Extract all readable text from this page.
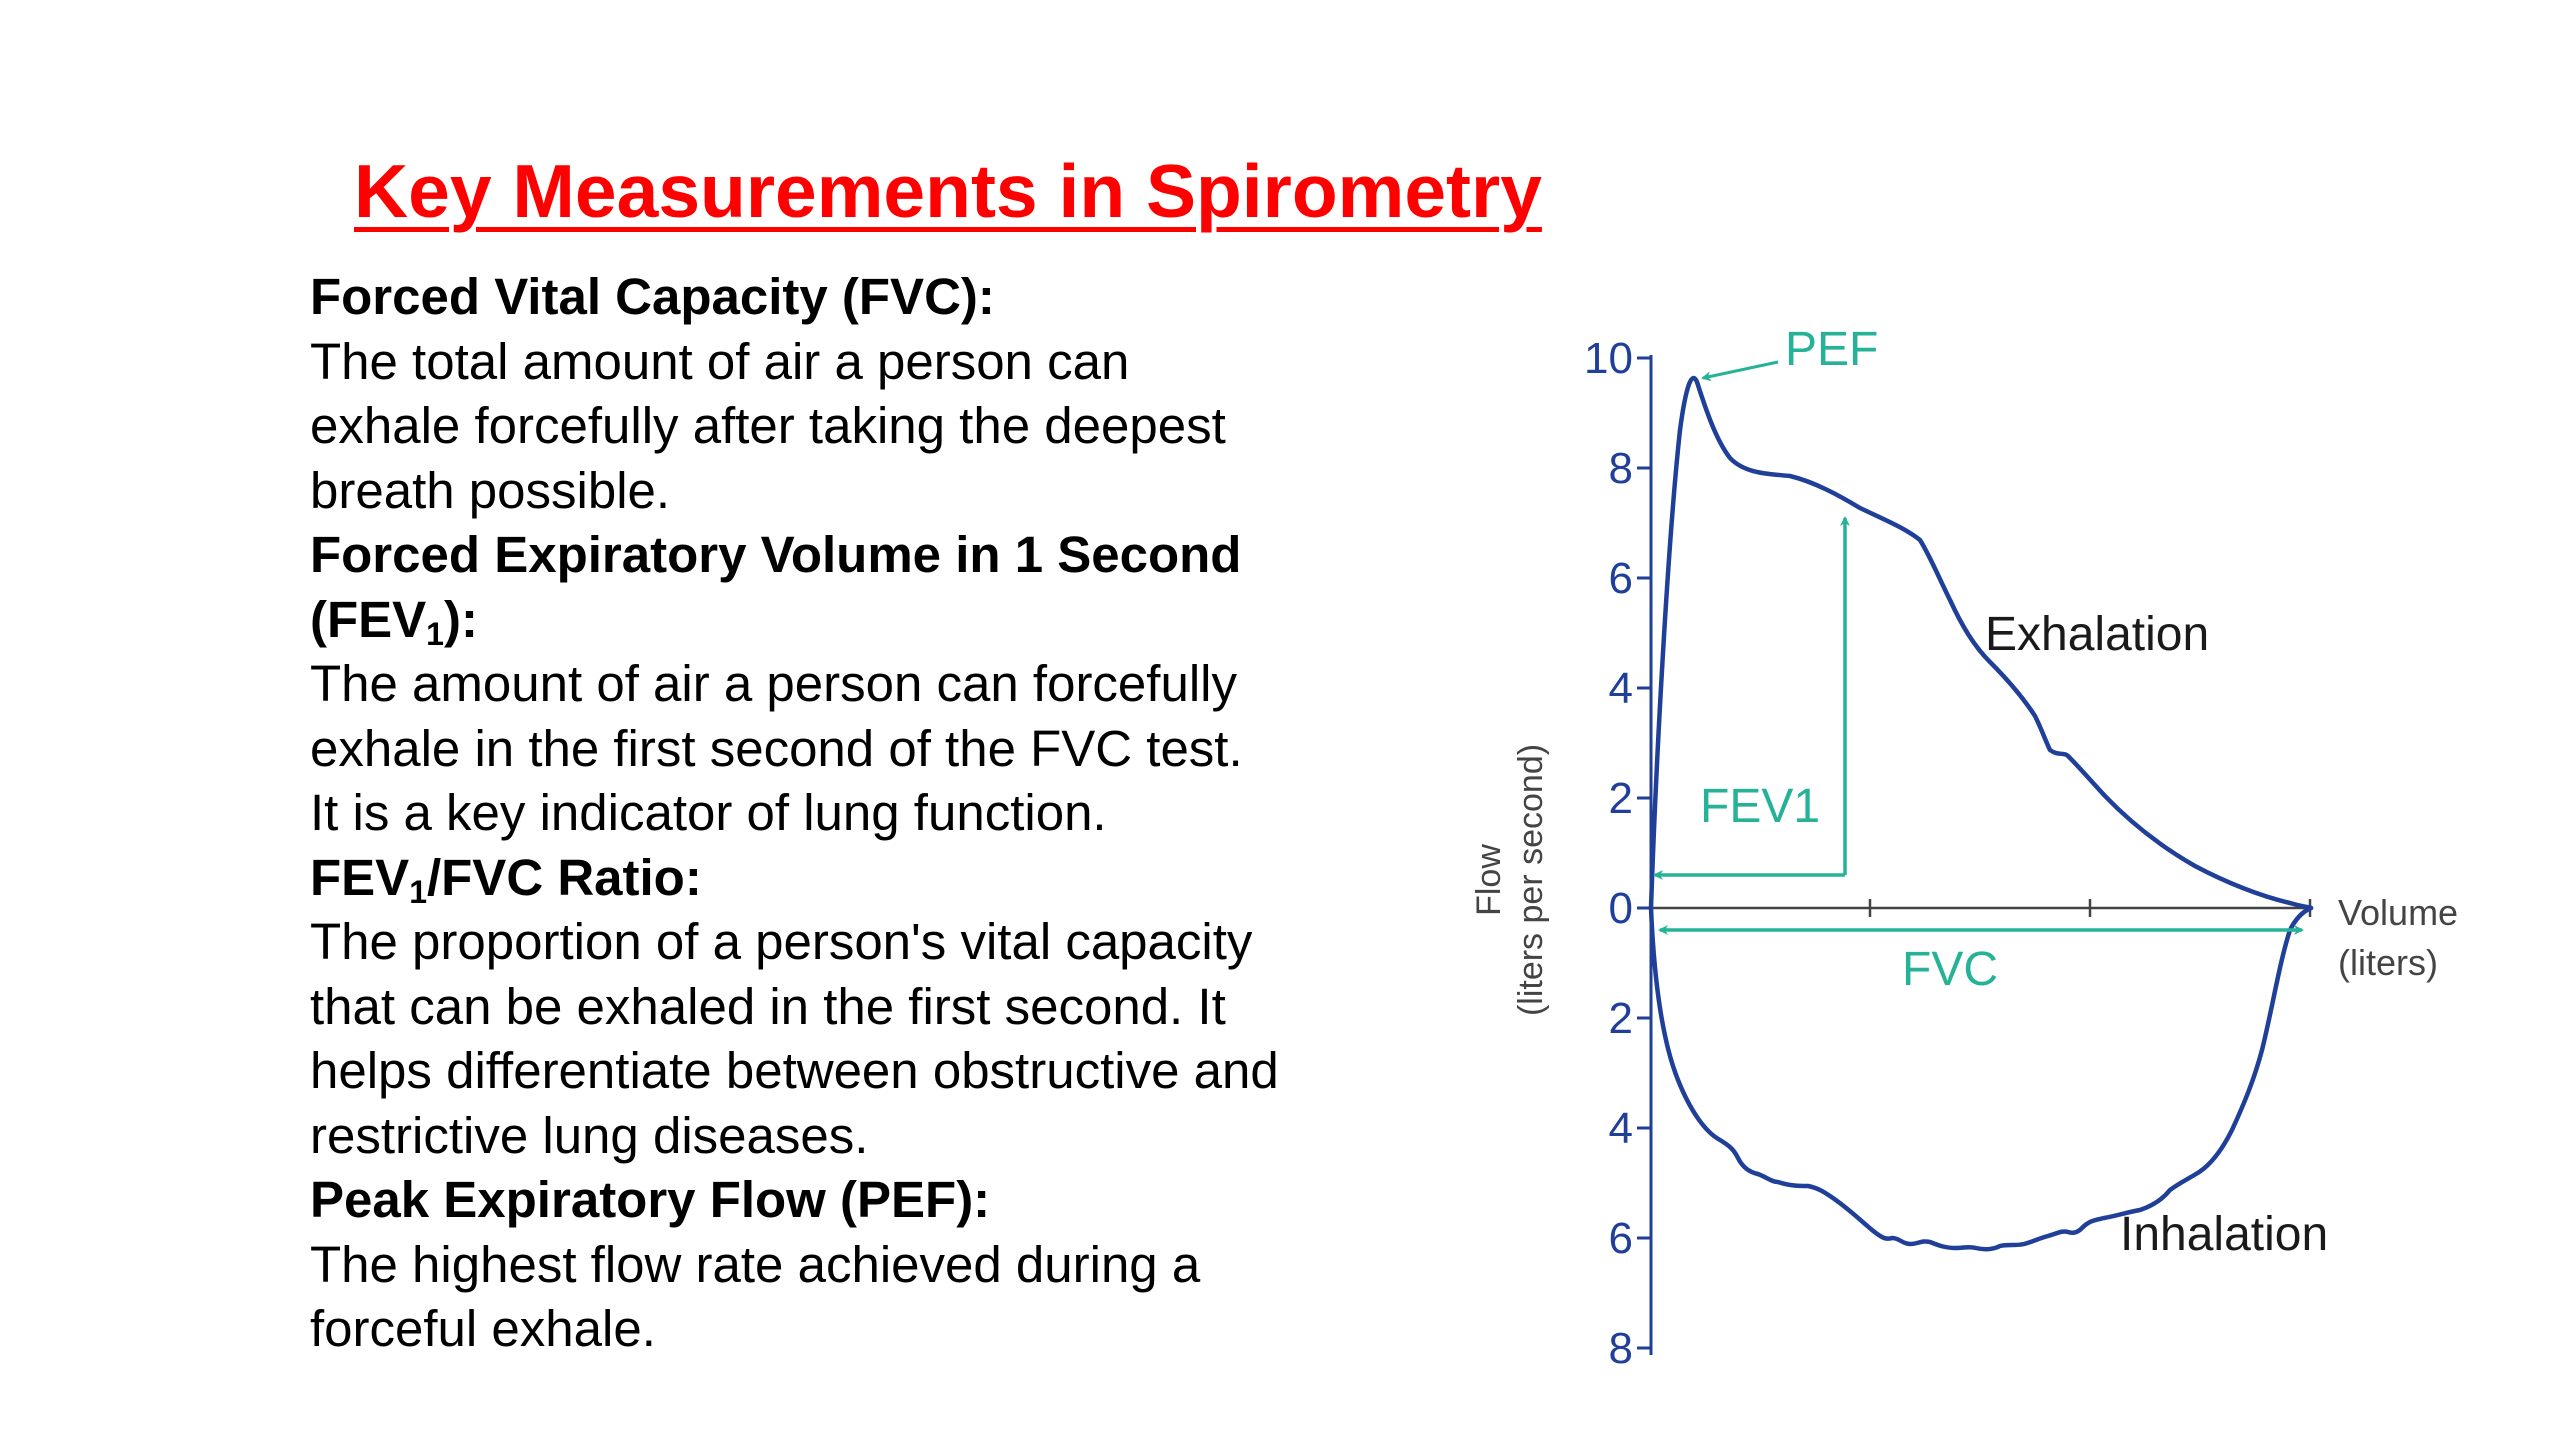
Key Measurements in Spirometry
Forced Vital Capacity (FVC):
The total amount of air a person can
exhale forcefully after taking the deepest
breath possible.
Forced Expiratory Volume in 1 Second
$(FEV_1)$:
The amount of air a person can forcefully
exhale in the first second of the FVC test.
It is a key indicator of lung function.
$FEV_1$/FVC Ratio:
The proportion of a person's vital capacity
that can be exhaled in the first second. It
helps differentiate between obstructive and
restrictive lung diseases.
Peak Expiratory Flow (PEF):
The highest flow rate achieved during a
forceful exhale.
10
8
6
4
2
0
2
4
6
8
Flow (liters per second)	Volume
(liters)
FEV1
FVC
PEF
Exhalation
Inhalation
